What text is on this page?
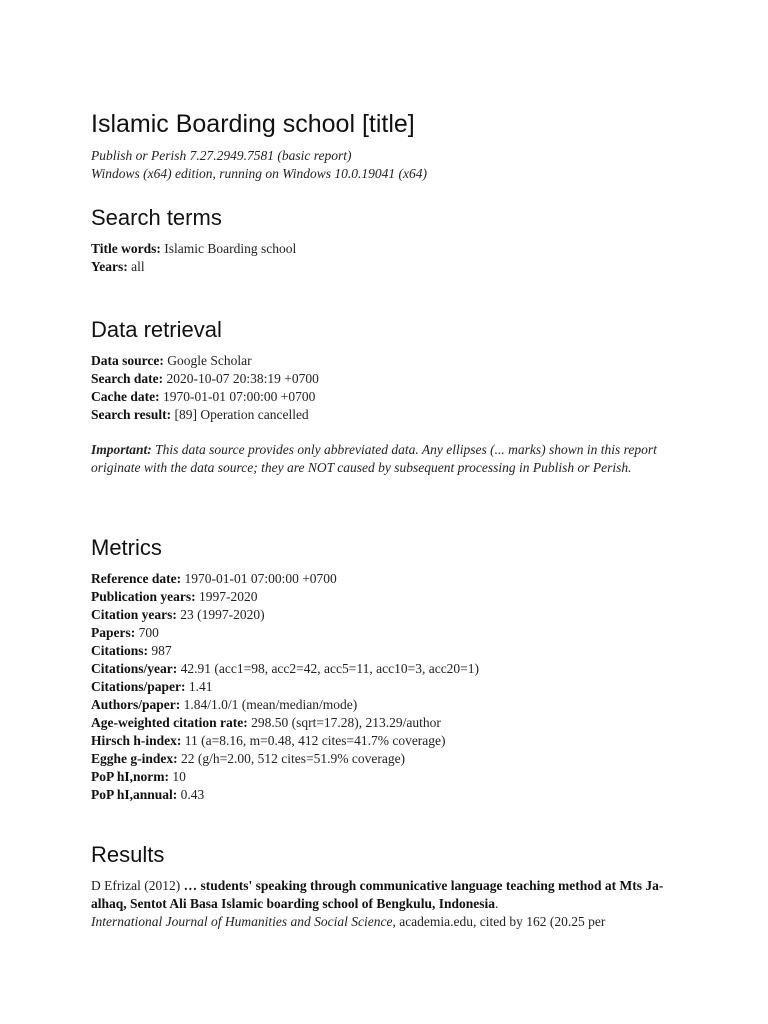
Islamic Boarding school [title]
Publish or Perish 7.27.2949.7581 (basic report)
Windows (x64) edition, running on Windows 10.0.19041 (x64)
Search terms
Title words: Islamic Boarding school
Years: all
Data retrieval
Data source: Google Scholar
Search date: 2020-10-07 20:38:19 +0700
Cache date: 1970-01-01 07:00:00 +0700
Search result: [89] Operation cancelled
Important: This data source provides only abbreviated data. Any ellipses (... marks) shown in this report originate with the data source; they are NOT caused by subsequent processing in Publish or Perish.
Metrics
Reference date: 1970-01-01 07:00:00 +0700
Publication years: 1997-2020
Citation years: 23 (1997-2020)
Papers: 700
Citations: 987
Citations/year: 42.91 (acc1=98, acc2=42, acc5=11, acc10=3, acc20=1)
Citations/paper: 1.41
Authors/paper: 1.84/1.0/1 (mean/median/mode)
Age-weighted citation rate: 298.50 (sqrt=17.28), 213.29/author
Hirsch h-index: 11 (a=8.16, m=0.48, 412 cites=41.7% coverage)
Egghe g-index: 22 (g/h=2.00, 512 cites=51.9% coverage)
PoP hI,norm: 10
PoP hI,annual: 0.43
Results
D Efrizal (2012) … students' speaking through communicative language teaching method at Mts Ja-alhaq, Sentot Ali Basa Islamic boarding school of Bengkulu, Indonesia.
International Journal of Humanities and Social Science, academia.edu, cited by 162 (20.25 per
